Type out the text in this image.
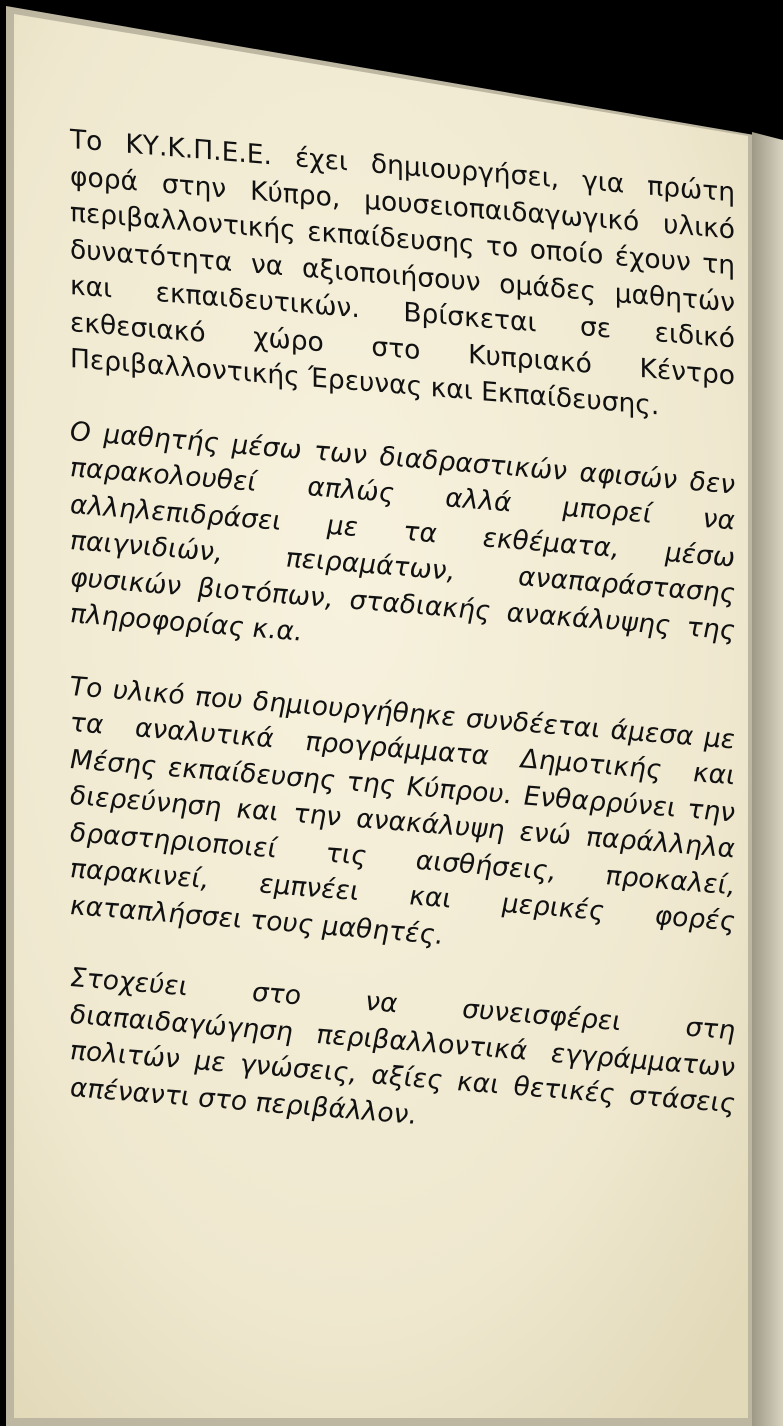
Το ΚΥ.Κ.Π.Ε.Ε. έχει δημιουργήσει, για πρώτη φορά στην Κύπρο, μουσειοπαιδαγωγικό υλικό περιβαλλοντικής εκπαίδευσης το οποίο έχουν τη δυνατότητα να αξιοποιήσουν ομάδες μαθητών και εκπαιδευτικών. Βρίσκεται σε ειδικό εκθεσιακό χώρο στο Κυπριακό Κέντρο Περιβαλλοντικής Έρευνας και Εκπαίδευσης.

Ο μαθητής μέσω των διαδραστικών αφισών δεν παρακολουθεί απλώς αλλά μπορεί να αλληλεπιδράσει με τα εκθέματα, μέσω παιγνιδιών, πειραμάτων, αναπαράστασης φυσικών βιοτόπων, σταδιακής ανακάλυψης της πληροφορίας κ.α.

Το υλικό που δημιουργήθηκε συνδέεται άμεσα με τα αναλυτικά προγράμματα Δημοτικής και Μέσης εκπαίδευσης της Κύπρου. Ενθαρρύνει την διερεύνηση και την ανακάλυψη ενώ παράλληλα δραστηριοποιεί τις αισθήσεις, προκαλεί, παρακινεί, εμπνέει και μερικές φορές καταπλήσσει τους μαθητές.

Στοχεύει στο να συνεισφέρει στη διαπαιδαγώγηση περιβαλλοντικά εγγράμματων πολιτών με γνώσεις, αξίες και θετικές στάσεις απέναντι στο περιβάλλον.
